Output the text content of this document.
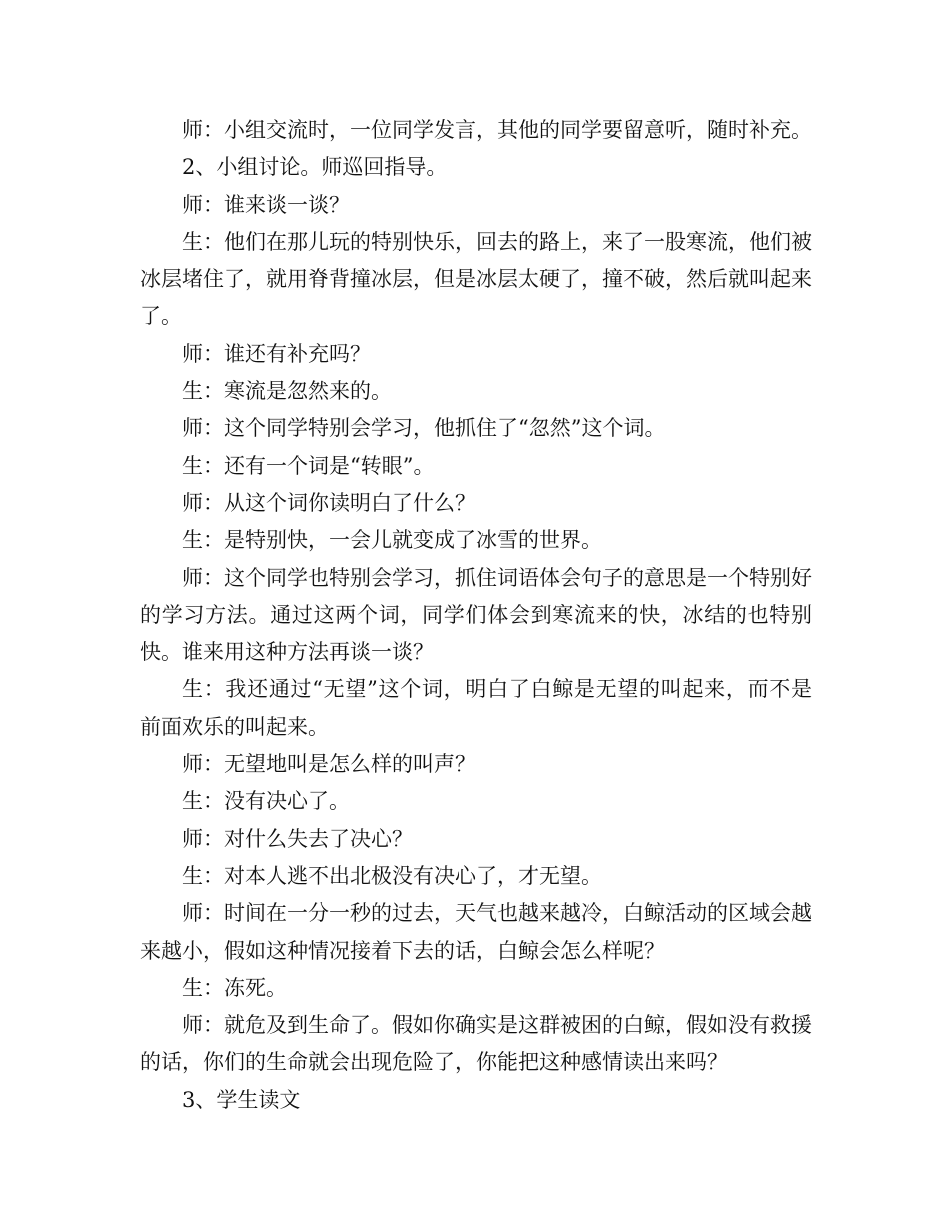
师：小组交流时，一位同学发言，其他的同学要留意听，随时补充。

2、小组讨论。师巡回指导。

师：谁来谈一谈？

生：他们在那儿玩的特别快乐，回去的路上，来了一股寒流，他们被冰层堵住了，就用脊背撞冰层，但是冰层太硬了，撞不破，然后就叫起来了。

师：谁还有补充吗？

生：寒流是忽然来的。

师：这个同学特别会学习，他抓住了“忽然”这个词。

生：还有一个词是“转眼”。

师：从这个词你读明白了什么？

生：是特别快，一会儿就变成了冰雪的世界。

师：这个同学也特别会学习，抓住词语体会句子的意思是一个特别好的学习方法。通过这两个词，同学们体会到寒流来的快，冰结的也特别快。谁来用这种方法再谈一谈？

生：我还通过“无望”这个词，明白了白鲸是无望的叫起来，而不是前面欢乐的叫起来。

师：无望地叫是怎么样的叫声？

生：没有决心了。

师：对什么失去了决心？

生：对本人逃不出北极没有决心了，才无望。

师：时间在一分一秒的过去，天气也越来越冷，白鲸活动的区域会越来越小，假如这种情况接着下去的话，白鲸会怎么样呢？

生：冻死。

师：就危及到生命了。假如你确实是这群被困的白鲸，假如没有救援的话，你们的生命就会出现危险了，你能把这种感情读出来吗？

3、学生读文
